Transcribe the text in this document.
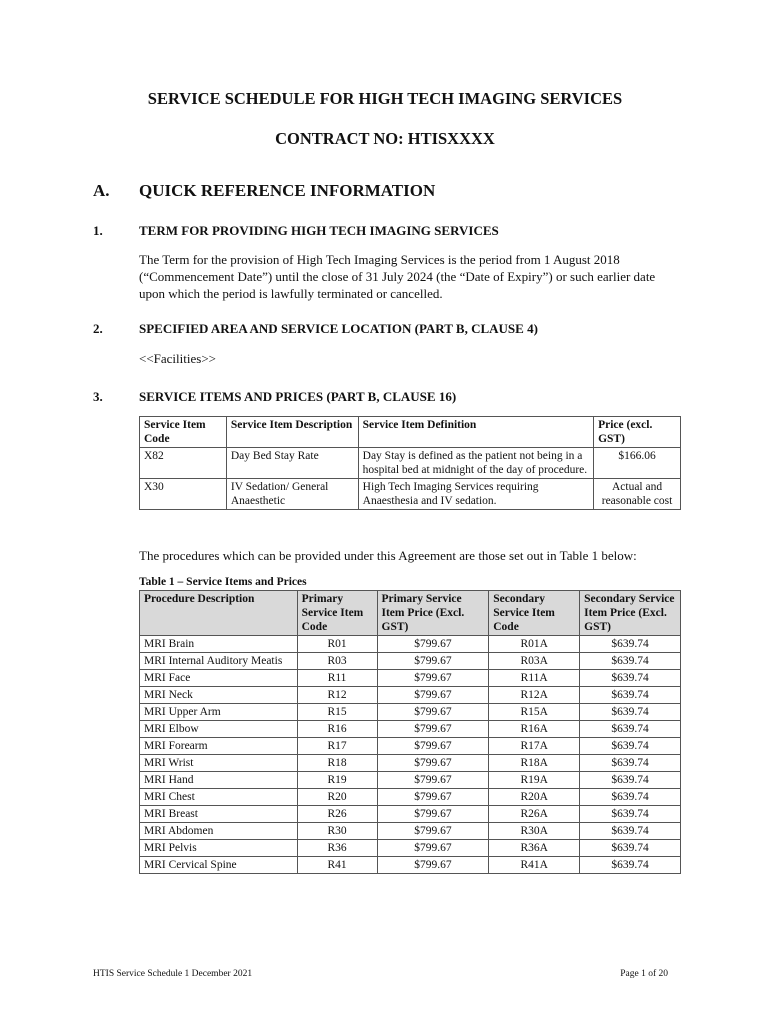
SERVICE SCHEDULE FOR HIGH TECH IMAGING SERVICES
CONTRACT NO: HTISXXXX
A. QUICK REFERENCE INFORMATION
1.	TERM FOR PROVIDING HIGH TECH IMAGING SERVICES
The Term for the provision of High Tech Imaging Services is the period from 1 August 2018 (“Commencement Date”) until the close of 31 July 2024 (the “Date of Expiry”) or such earlier date upon which the period is lawfully terminated or cancelled.
2.	SPECIFIED AREA AND SERVICE LOCATION (PART B, CLAUSE 4)
<<Facilities>>
3.	SERVICE ITEMS AND PRICES (PART B, CLAUSE 16)
Service Item Code	Service Item Description	Service Item Definition	Price (excl. GST)
X82	Day Bed Stay Rate	Day Stay is defined as the patient not being in a hospital bed at midnight of the day of procedure.	$166.06
X30	IV Sedation/ General Anaesthetic	High Tech Imaging Services requiring Anaesthesia and IV sedation.	Actual and reasonable cost
The procedures which can be provided under this Agreement are those set out in Table 1 below:
Table 1 – Service Items and Prices
Procedure Description	Primary Service Item Code	Primary Service Item Price (Excl. GST)	Secondary Service Item Code	Secondary Service Item Price (Excl. GST)
MRI Brain	R01	$799.67	R01A	$639.74
MRI Internal Auditory Meatis	R03	$799.67	R03A	$639.74
MRI Face	R11	$799.67	R11A	$639.74
MRI Neck	R12	$799.67	R12A	$639.74
MRI Upper Arm	R15	$799.67	R15A	$639.74
MRI Elbow	R16	$799.67	R16A	$639.74
MRI Forearm	R17	$799.67	R17A	$639.74
MRI Wrist	R18	$799.67	R18A	$639.74
MRI Hand	R19	$799.67	R19A	$639.74
MRI Chest	R20	$799.67	R20A	$639.74
MRI Breast	R26	$799.67	R26A	$639.74
MRI Abdomen	R30	$799.67	R30A	$639.74
MRI Pelvis	R36	$799.67	R36A	$639.74
MRI Cervical Spine	R41	$799.67	R41A	$639.74
HTIS Service Schedule 1 December 2021	Page 1 of 20
